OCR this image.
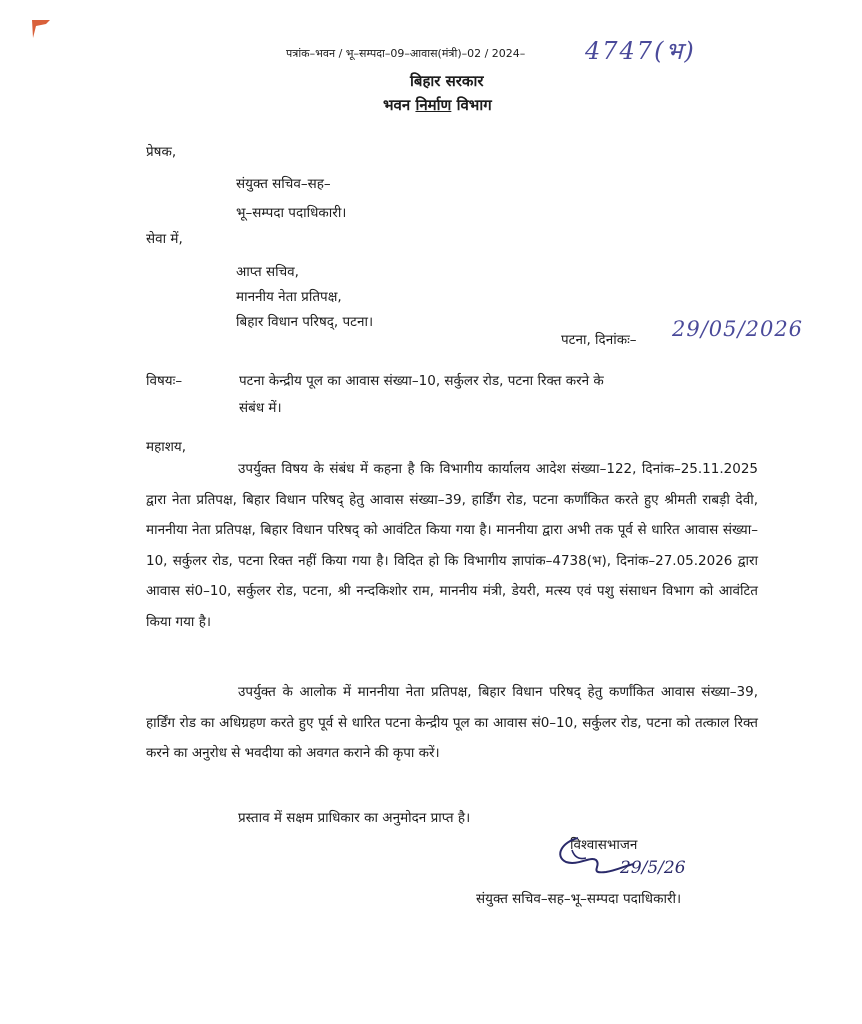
पत्रांक–भवन / भू–सम्पदा–09–आवास(मंत्री)–02 / 2024– 4747(भ)
बिहार सरकार
भवन निर्माण विभाग
प्रेषक,
संयुक्त सचिव–सह–
भू–सम्पदा पदाधिकारी।
सेवा में,
आप्त सचिव,
माननीय नेता प्रतिपक्ष,
बिहार विधान परिषद्, पटना।
पटना, दिनांकः– 29/05/2026
विषयः–	पटना केन्द्रीय पूल का आवास संख्या–10, सर्कुलर रोड, पटना रिक्त करने के
संबंध में।
महाशय,
उपर्युक्त विषय के संबंध में कहना है कि विभागीय कार्यालय आदेश संख्या–122, दिनांक–25.11.2025 द्वारा नेता प्रतिपक्ष, बिहार विधान परिषद् हेतु आवास संख्या–39, हार्डिंग रोड, पटना कर्णांकित करते हुए श्रीमती राबड़ी देवी, माननीया नेता प्रतिपक्ष, बिहार विधान परिषद् को आवंटित किया गया है। माननीया द्वारा अभी तक पूर्व से धारित आवास संख्या–10, सर्कुलर रोड, पटना रिक्त नहीं किया गया है। विदित हो कि विभागीय ज्ञापांक–4738(भ), दिनांक–27.05.2026 द्वारा आवास सं0–10, सर्कुलर रोड, पटना, श्री नन्दकिशोर राम, माननीय मंत्री, डेयरी, मत्स्य एवं पशु संसाधन विभाग को आवंटित किया गया है।
उपर्युक्त के आलोक में माननीया नेता प्रतिपक्ष, बिहार विधान परिषद् हेतु कर्णांकित आवास संख्या–39, हार्डिंग रोड का अधिग्रहण करते हुए पूर्व से धारित पटना केन्द्रीय पूल का आवास सं0–10, सर्कुलर रोड, पटना को तत्काल रिक्त करने का अनुरोध से भवदीया को अवगत कराने की कृपा करें।
प्रस्ताव में सक्षम प्राधिकार का अनुमोदन प्राप्त है।
विश्वासभाजन
29/5/26
संयुक्त सचिव–सह–भू–सम्पदा पदाधिकारी।
